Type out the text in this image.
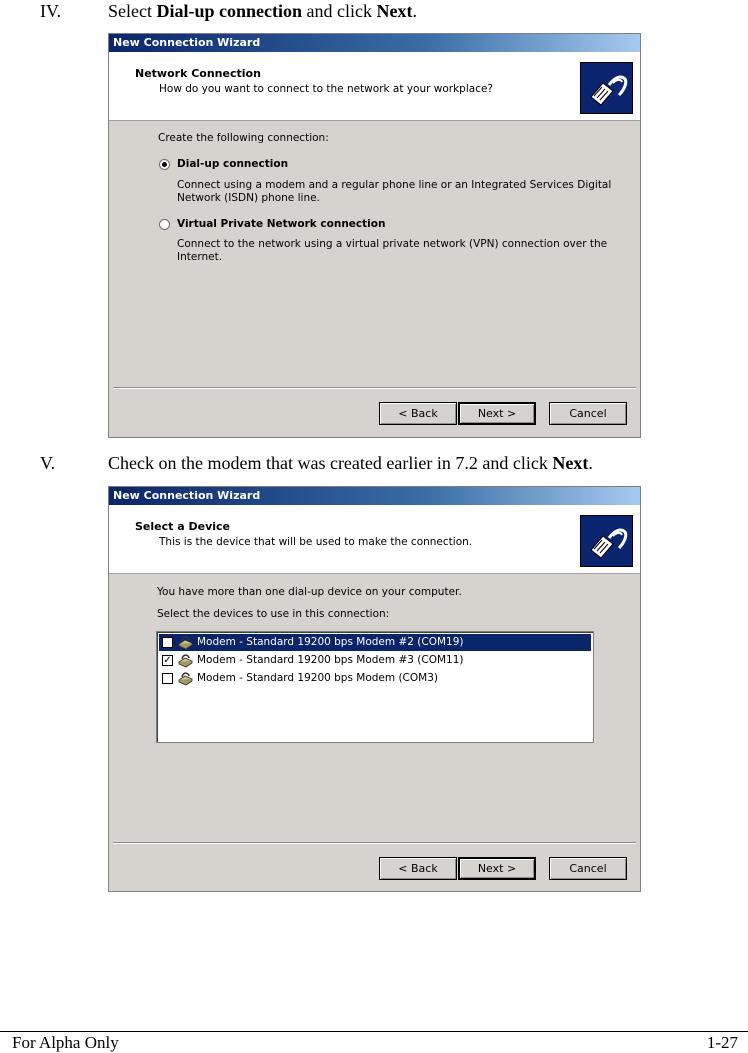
IV.	Select Dial-up connection and click Next.
New Connection Wizard
Network Connection
How do you want to connect to the network at your workplace?
Create the following connection:
Dial-up connection
Connect using a modem and a regular phone line or an Integrated Services Digital
Network (ISDN) phone line.
Virtual Private Network connection
Connect to the network using a virtual private network (VPN) connection over the
Internet.
< Back	Next >	Cancel
V.	Check on the modem that was created earlier in 7.2 and click Next.
New Connection Wizard
Select a Device
This is the device that will be used to make the connection.
You have more than one dial-up device on your computer.
Select the devices to use in this connection:
Modem - Standard 19200 bps Modem #2 (COM19)
✓ Modem - Standard 19200 bps Modem #3 (COM11)
Modem - Standard 19200 bps Modem (COM3)
< Back	Next >	Cancel
For Alpha Only	1-27
